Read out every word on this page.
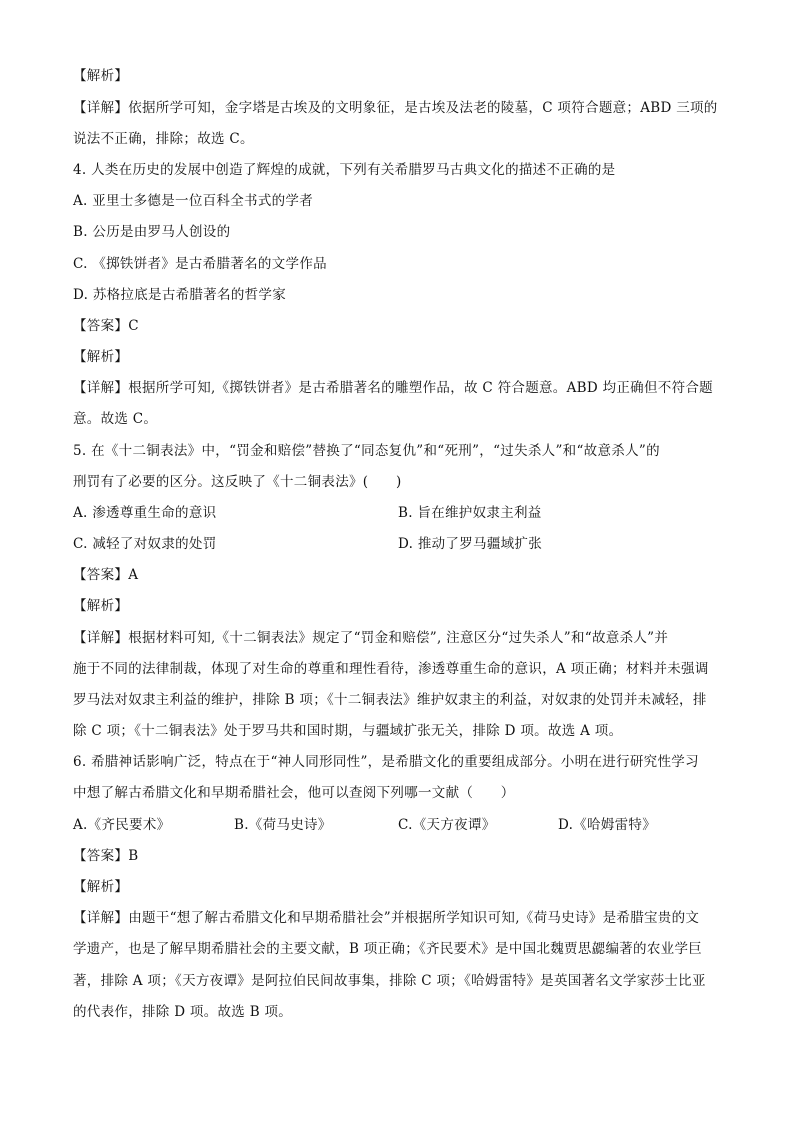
【解析】
【详解】依据所学可知，金字塔是古埃及的文明象征，是古埃及法老的陵墓，C 项符合题意；ABD 三项的
说法不正确，排除；故选 C。
4. 人类在历史的发展中创造了辉煌的成就，下列有关希腊罗马古典文化的描述不正确的是
A. 亚里士多德是一位百科全书式的学者
B. 公历是由罗马人创设的
C. 《掷铁饼者》是古希腊著名的文学作品
D. 苏格拉底是古希腊著名的哲学家
【答案】C
【解析】
【详解】根据所学可知,《掷铁饼者》是古希腊著名的雕塑作品，故 C 符合题意。ABD 均正确但不符合题
意。故选 C。
5. 在《十二铜表法》中，“罚金和赔偿”替换了“同态复仇”和“死刑”，“过失杀人”和“故意杀人”的
刑罚有了必要的区分。这反映了《十二铜表法》(　　)
A. 渗透尊重生命的意识	B. 旨在维护奴隶主利益
C. 减轻了对奴隶的处罚	D. 推动了罗马疆域扩张
【答案】A
【解析】
【详解】根据材料可知,《十二铜表法》规定了“罚金和赔偿”, 注意区分“过失杀人”和“故意杀人”并
施于不同的法律制裁，体现了对生命的尊重和理性看待，渗透尊重生命的意识，A 项正确；材料并未强调
罗马法对奴隶主利益的维护，排除 B 项；《十二铜表法》维护奴隶主的利益，对奴隶的处罚并未减轻，排
除 C 项；《十二铜表法》处于罗马共和国时期，与疆域扩张无关，排除 D 项。故选 A 项。
6. 希腊神话影响广泛，特点在于“神人同形同性”，是希腊文化的重要组成部分。小明在进行研究性学习
中想了解古希腊文化和早期希腊社会，他可以查阅下列哪一文献（　　）
A.《齐民要术》	B.《荷马史诗》	C.《天方夜谭》	D.《哈姆雷特》
【答案】B
【解析】
【详解】由题干“想了解古希腊文化和早期希腊社会”并根据所学知识可知,《荷马史诗》是希腊宝贵的文
学遗产，也是了解早期希腊社会的主要文献，B 项正确；《齐民要术》是中国北魏贾思勰编著的农业学巨
著，排除 A 项；《天方夜谭》是阿拉伯民间故事集，排除 C 项；《哈姆雷特》是英国著名文学家莎士比亚
的代表作，排除 D 项。故选 B 项。
